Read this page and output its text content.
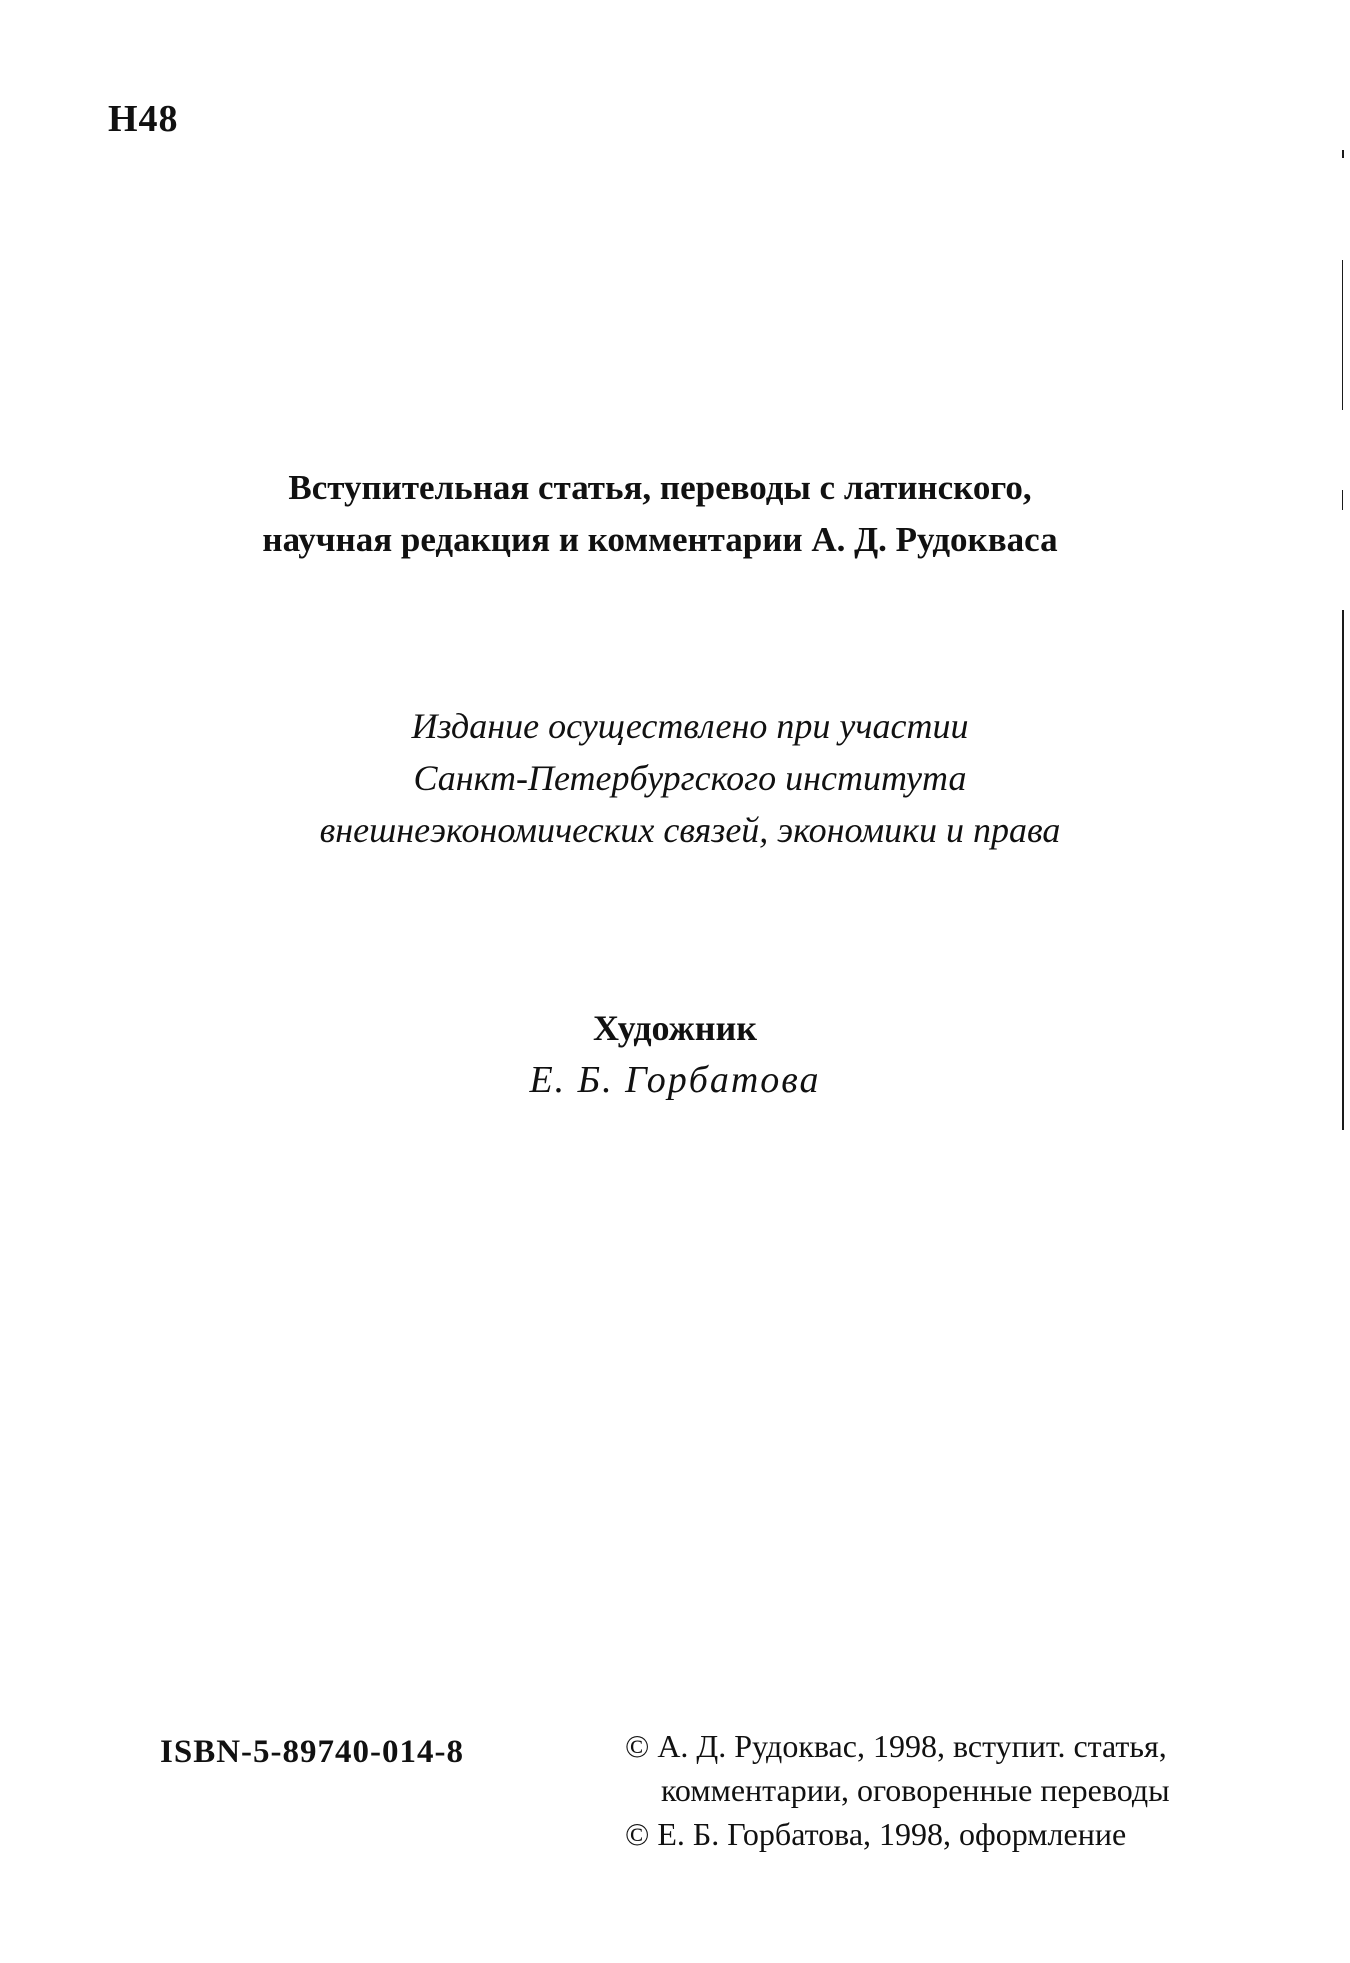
Н48
Вступительная статья, переводы с латинского,
научная редакция и комментарии А. Д. Рудокваса
Издание осуществлено при участии
Санкт-Петербургского института
внешнеэкономических связей, экономики и права
Художник
Е. Б. Горбатова
ISBN-5-89740-014-8	© А. Д. Рудоквас, 1998, вступит. статья,
комментарии, оговоренные переводы
© Е. Б. Горбатова, 1998, оформление
